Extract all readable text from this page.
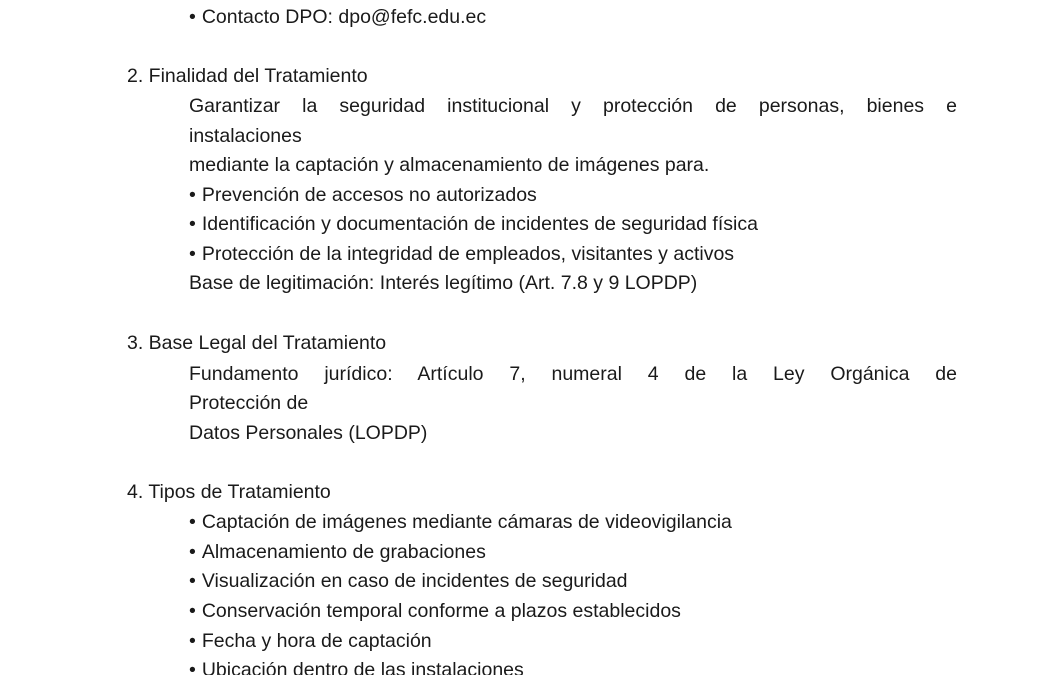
• Contacto DPO: dpo@fefc.edu.ec
2. Finalidad del Tratamiento
Garantizar la seguridad institucional y protección de personas, bienes e
instalaciones
mediante la captación y almacenamiento de imágenes para.
• Prevención de accesos no autorizados
• Identificación y documentación de incidentes de seguridad física
• Protección de la integridad de empleados, visitantes y activos
Base de legitimación: Interés legítimo (Art. 7.8 y 9 LOPDP)
3. Base Legal del Tratamiento
Fundamento jurídico: Artículo 7, numeral 4 de la Ley Orgánica de
Protección de
Datos Personales (LOPDP)
4. Tipos de Tratamiento
• Captación de imágenes mediante cámaras de videovigilancia
• Almacenamiento de grabaciones
• Visualización en caso de incidentes de seguridad
• Conservación temporal conforme a plazos establecidos
• Fecha y hora de captación
• Ubicación dentro de las instalaciones
